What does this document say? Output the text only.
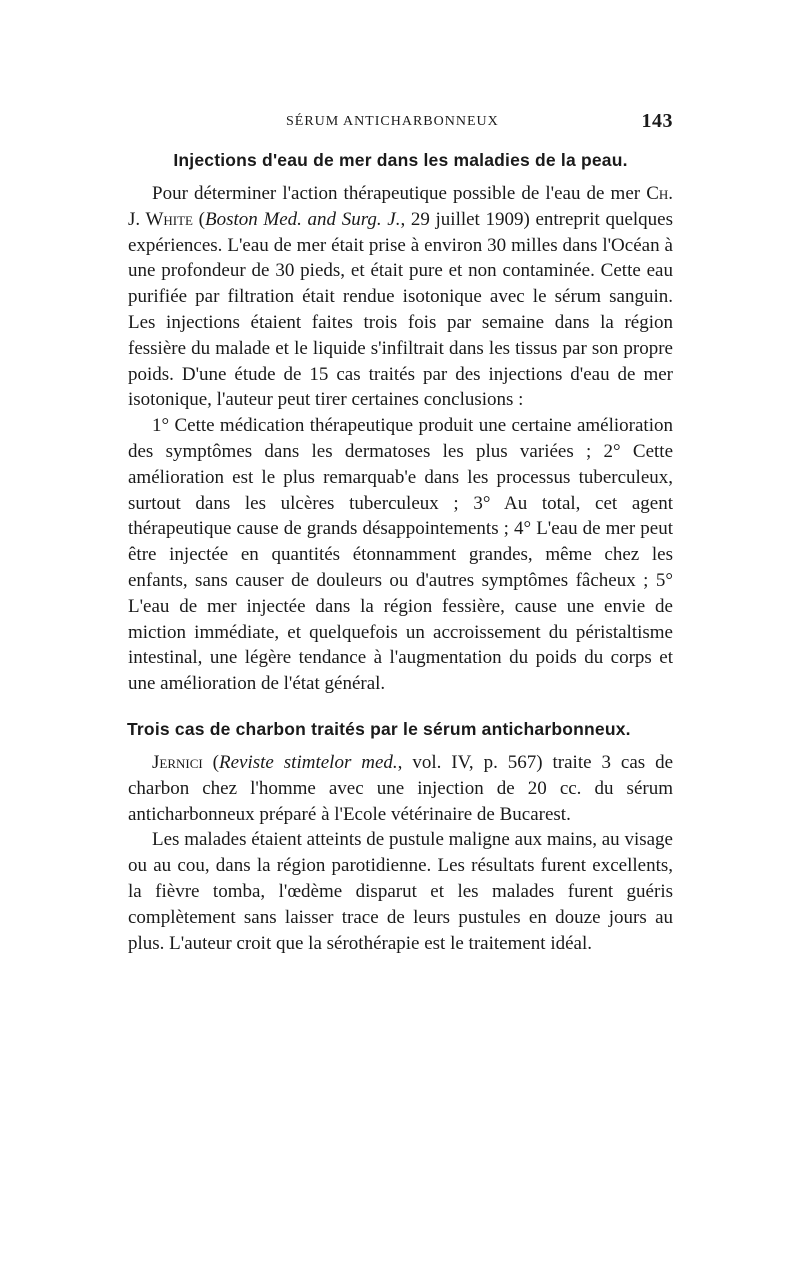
SÉRUM ANTICHARBONNEUX	143
Injections d'eau de mer dans les maladies de la peau.

Pour déterminer l'action thérapeutique possible de l'eau de mer Ch. J. White (Boston Med. and Surg. J., 29 juillet 1909) entreprit quelques expériences. L'eau de mer était prise à environ 30 milles dans l'Océan à une profondeur de 30 pieds, et était pure et non contaminée. Cette eau purifiée par filtration était rendue isotonique avec le sérum sanguin. Les injections étaient faites trois fois par semaine dans la région fessière du malade et le liquide s'infiltrait dans les tissus par son propre poids. D'une étude de 15 cas traités par des injections d'eau de mer isotonique, l'auteur peut tirer certaines conclusions :

1° Cette médication thérapeutique produit une certaine amélioration des symptômes dans les dermatoses les plus variées ; 2° Cette amélioration est le plus remarquab'e dans les processus tuberculeux, surtout dans les ulcères tuberculeux ; 3° Au total, cet agent thérapeutique cause de grands désappointements ; 4° L'eau de mer peut être injectée en quantités étonnamment grandes, même chez les enfants, sans causer de douleurs ou d'autres symptômes fâcheux ; 5° L'eau de mer injectée dans la région fessière, cause une envie de miction immédiate, et quelquefois un accroissement du péristaltisme intestinal, une légère tendance à l'augmentation du poids du corps et une amélioration de l'état général.

Trois cas de charbon traités par le sérum anticharbonneux.

Jernici (Reviste stimtelor med., vol. IV, p. 567) traite 3 cas de charbon chez l'homme avec une injection de 20 cc. du sérum anticharbonneux préparé à l'Ecole vétérinaire de Bucarest.

Les malades étaient atteints de pustule maligne aux mains, au visage ou au cou, dans la région parotidienne. Les résultats furent excellents, la fièvre tomba, l'œdème disparut et les malades furent guéris complètement sans laisser trace de leurs pustules en douze jours au plus. L'auteur croit que la sérothérapie est le traitement idéal.
